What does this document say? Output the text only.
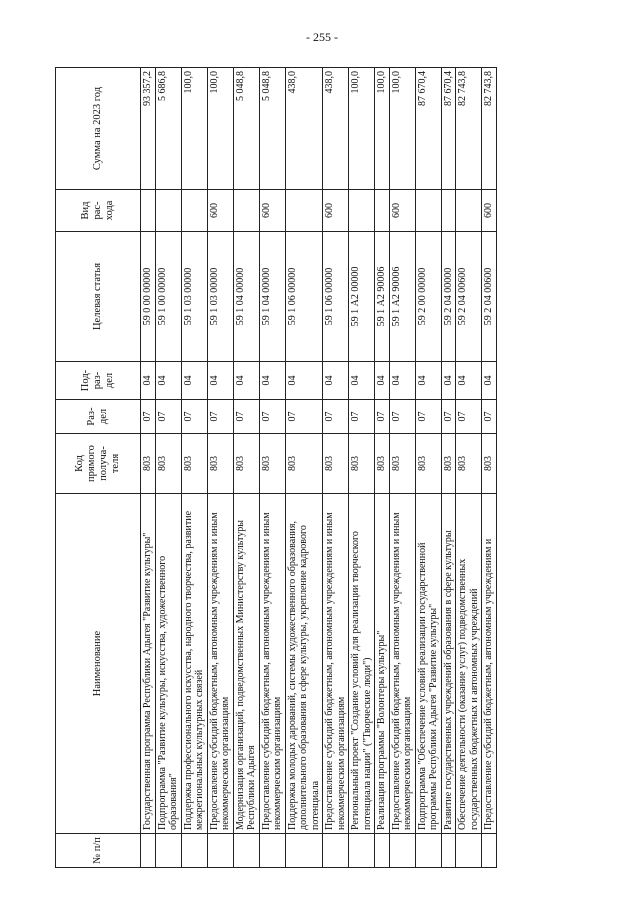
- 255 -
№ п/п	Наименование	Код прямого получа-теля	Раз-дел	Под-раз-дел	Целевая статья	Вид рас-хода	Сумма на 2023 год
	Государственная программа Республики Адыгея "Развитие культуры"	803	07	04	59 0 00 00000		93 357,2
	Подпрограмма "Развитие культуры, искусства, художественного образования"	803	07	04	59 1 00 00000		5 686,8
	Поддержка профессионального искусства, народного творчества, развитие межрегиональных культурных связей	803	07	04	59 1 03 00000		100,0
	Предоставление субсидий бюджетным, автономным учреждениям и иным некоммерческим организациям	803	07	04	59 1 03 00000	600	100,0
	Модернизация организаций, подведомственных Министерству культуры Республики Адыгея	803	07	04	59 1 04 00000		5 048,8
	Предоставление субсидий бюджетным, автономным учреждениям и иным некоммерческим организациям	803	07	04	59 1 04 00000	600	5 048,8
	Поддержка молодых дарований, системы художественного образования, дополнительного образования в сфере культуры, укрепление кадрового потенциала	803	07	04	59 1 06 00000		438,0
	Предоставление субсидий бюджетным, автономным учреждениям и иным некоммерческим организациям	803	07	04	59 1 06 00000	600	438,0
	Региональный проект "Создание условий для реализации творческого потенциала нации" ("Творческие люди")	803	07	04	59 1 А2 00000		100,0
	Реализация программы "Волонтеры культуры"	803	07	04	59 1 А2 90006		100,0
	Предоставление субсидий бюджетным, автономным учреждениям и иным некоммерческим организациям	803	07	04	59 1 А2 90006	600	100,0
	Подпрограмма "Обеспечение условий реализации государственной программы Республики Адыгея "Развитие культуры"	803	07	04	59 2 00 00000		87 670,4
	Развитие государственных учреждений образования в сфере культуры	803	07	04	59 2 04 00000		87 670,4
	Обеспечение деятельности (оказание услуг) подведомственных государственных бюджетных и автономных учреждений	803	07	04	59 2 04 00600		82 743,8
	Предоставление субсидий бюджетным, автономным учреждениям и	803	07	04	59 2 04 00600	600	82 743,8
